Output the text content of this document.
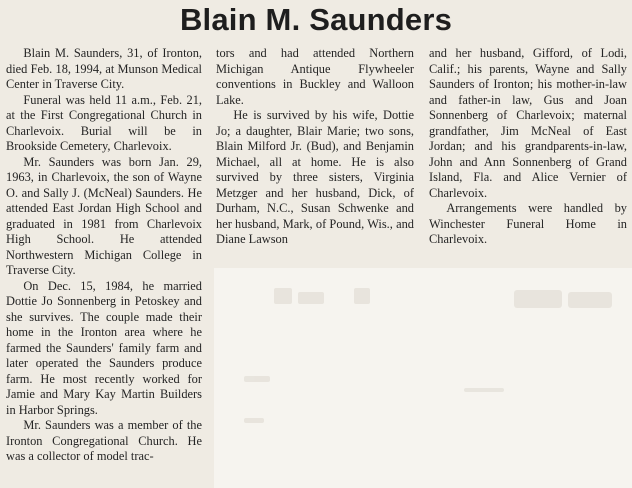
Blain M. Saunders

Blain M. Saunders, 31, of Ironton, died Feb. 18, 1994, at Munson Medical Center in Traverse City.

Funeral was held 11 a.m., Feb. 21, at the First Congregational Church in Charlevoix. Burial will be in Brookside Cemetery, Charlevoix.

Mr. Saunders was born Jan. 29, 1963, in Charlevoix, the son of Wayne O. and Sally J. (McNeal) Saunders. He attended East Jordan High School and graduated in 1981 from Charlevoix High School. He attended Northwestern Michigan College in Traverse City.

On Dec. 15, 1984, he married Dottie Jo Sonnenberg in Petoskey and she survives. The couple made their home in the Ironton area where he farmed the Saunders' family farm and later operated the Saunders produce farm. He most recently worked for Jamie and Mary Kay Martin Builders in Harbor Springs.

Mr. Saunders was a member of the Ironton Congregational Church. He was a collector of model trac-

tors and had attended Northern Michigan Antique Flywheeler conventions in Buckley and Walloon Lake.

He is survived by his wife, Dottie Jo; a daughter, Blair Marie; two sons, Blain Milford Jr. (Bud), and Benjamin Michael, all at home. He is also survived by three sisters, Virginia Metzger and her husband, Dick, of Durham, N.C., Susan Schwenke and her husband, Mark, of Pound, Wis., and Diane Lawson

and her husband, Gifford, of Lodi, Calif.; his parents, Wayne and Sally Saunders of Ironton; his mother-in-law and father-in law, Gus and Joan Sonnenberg of Charlevoix; maternal grandfather, Jim McNeal of East Jordan; and his grandparents-in-law, John and Ann Sonnenberg of Grand Island, Fla. and Alice Vernier of Charlevoix.

Arrangements were handled by Winchester Funeral Home in Charlevoix.
